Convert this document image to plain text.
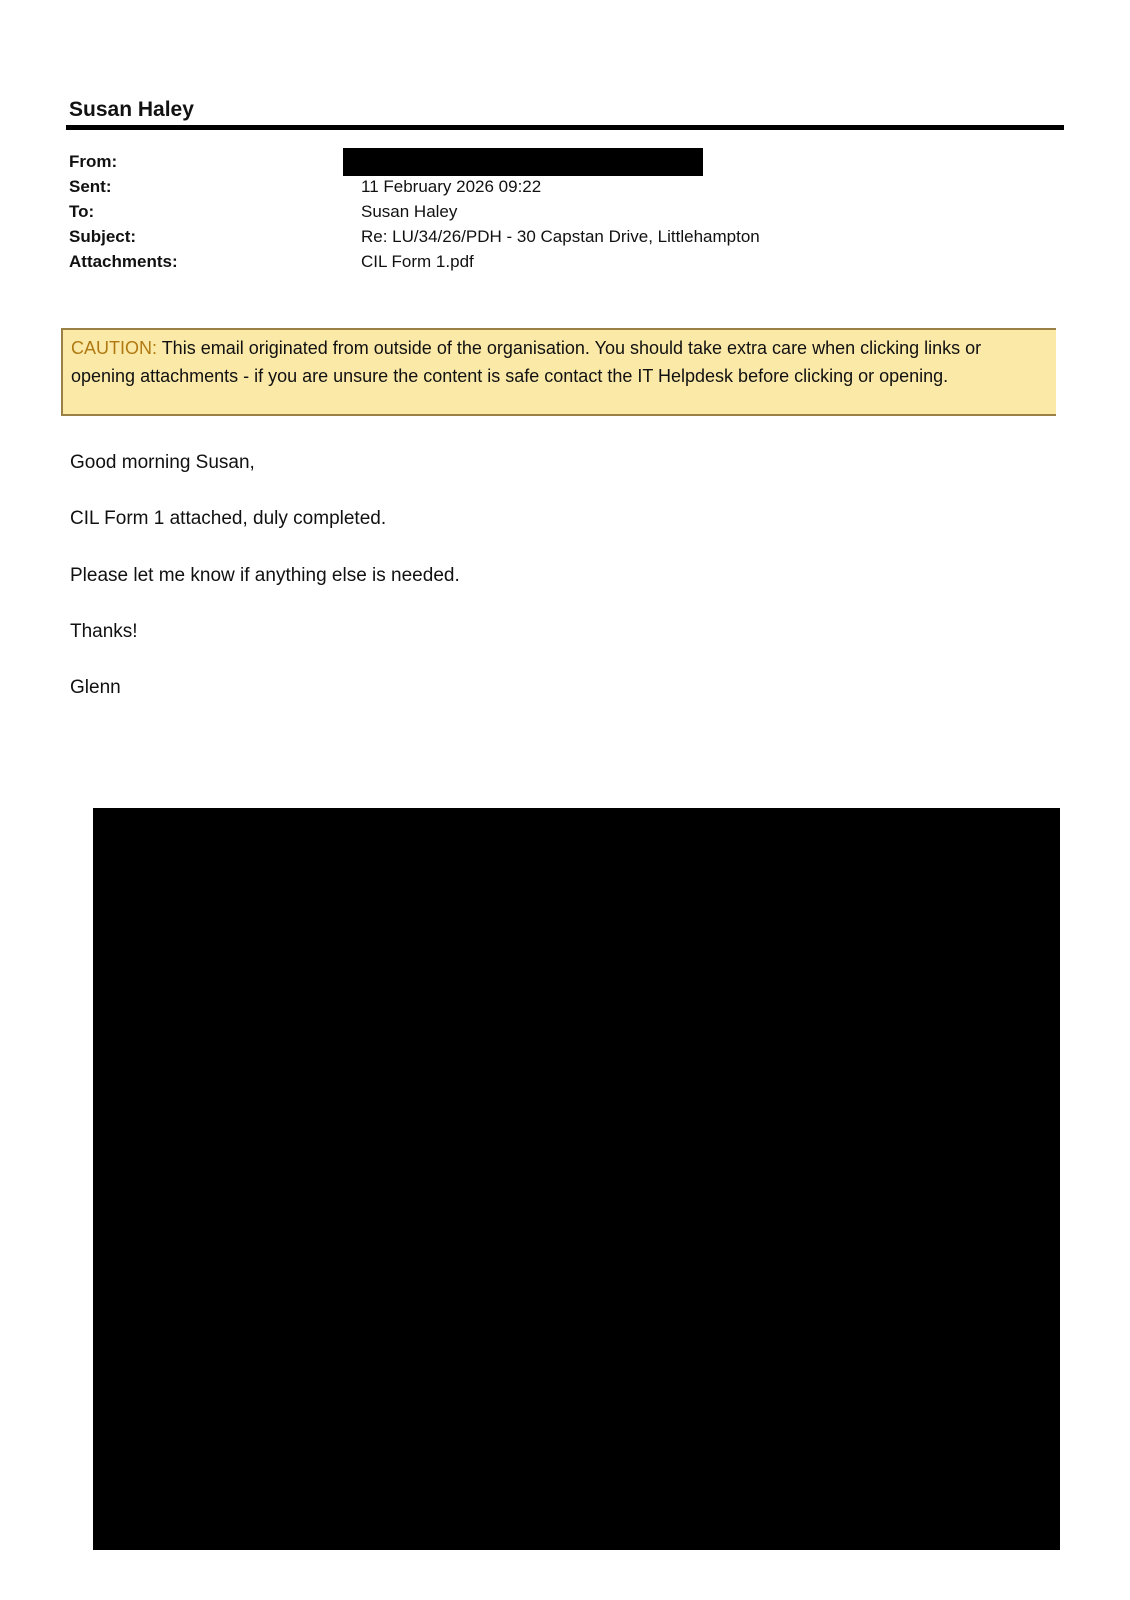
Susan Haley
From:
Sent:	11 February 2026 09:22
To:	Susan Haley
Subject:	Re: LU/34/26/PDH - 30 Capstan Drive, Littlehampton
Attachments:	CIL Form 1.pdf
CAUTION: This email originated from outside of the organisation. You should take extra care when clicking links or opening attachments - if you are unsure the content is safe contact the IT Helpdesk before clicking or opening.
Good morning Susan,
CIL Form 1 attached, duly completed.
Please let me know if anything else is needed.
Thanks!
Glenn
